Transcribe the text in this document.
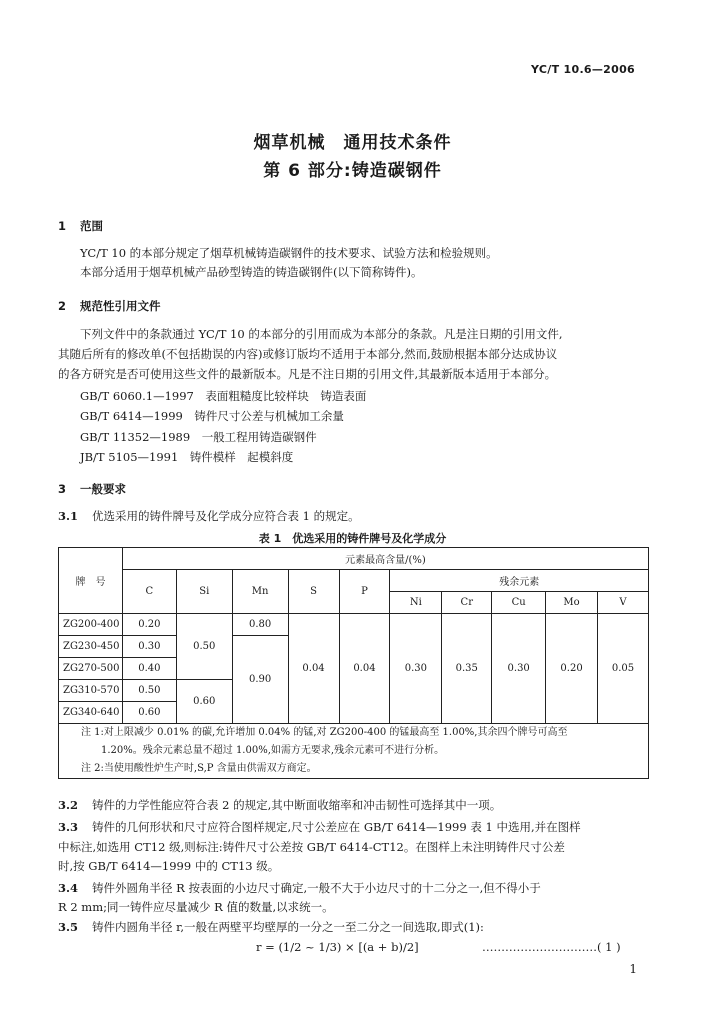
YC/T 10.6—2006
烟草机械　通用技术条件
第 6 部分:铸造碳钢件
1 范围
YC/T 10 的本部分规定了烟草机械铸造碳钢件的技术要求、试验方法和检验规则。
本部分适用于烟草机械产品砂型铸造的铸造碳钢件(以下简称铸件)。
2 规范性引用文件
下列文件中的条款通过 YC/T 10 的本部分的引用而成为本部分的条款。凡是注日期的引用文件,
其随后所有的修改单(不包括勘误的内容)或修订版均不适用于本部分,然而,鼓励根据本部分达成协议
的各方研究是否可使用这些文件的最新版本。凡是不注日期的引用文件,其最新版本适用于本部分。
GB/T 6060.1—1997　表面粗糙度比较样块　铸造表面
GB/T 6414—1999　铸件尺寸公差与机械加工余量
GB/T 11352—1989　一般工程用铸造碳钢件
JB/T 5105—1991　铸件模样　起模斜度
3 一般要求
3.1 优选采用的铸件牌号及化学成分应符合表 1 的规定。
表 1　优选采用的铸件牌号及化学成分
牌　号	元素最高含量/(%)									
	C	Si	Mn	S	P	残余元素				
						Ni	Cr	Cu	Mo	V
ZG200-400	0.20	0.50	0.80	0.04	0.04	0.30	0.35	0.30	0.20	0.05
ZG230-450	0.30		0.90							
ZG270-500	0.40									
ZG310-570	0.50	0.60								
ZG340-640	0.60									

注 1:对上限减少 0.01% 的碳,允许增加 0.04% 的锰,对 ZG200-400 的锰最高至 1.00%,其余四个牌号可高至
1.20%。残余元素总量不超过 1.00%,如需方无要求,残余元素可不进行分析。
注 2:当使用酸性炉生产时,S,P 含量由供需双方商定。										
3.2 铸件的力学性能应符合表 2 的规定,其中断面收缩率和冲击韧性可选择其中一项。
3.3 铸件的几何形状和尺寸应符合图样规定,尺寸公差应在 GB/T 6414—1999 表 1 中选用,并在图样
中标注,如选用 CT12 级,则标注:铸件尺寸公差按 GB/T 6414-CT12。在图样上未注明铸件尺寸公差
时,按 GB/T 6414—1999 中的 CT13 级。
3.4 铸件外圆角半径 R 按表面的小边尺寸确定,一般不大于小边尺寸的十二分之一,但不得小于
R 2 mm;同一铸件应尽量减少 R 值的数量,以求统一。
3.5 铸件内圆角半径 r,一般在两壁平均壁厚的一分之一至二分之一间选取,即式(1):
r = (1/2 ~ 1/3) × [(a + b)/2]	…………………………( 1 )
1
